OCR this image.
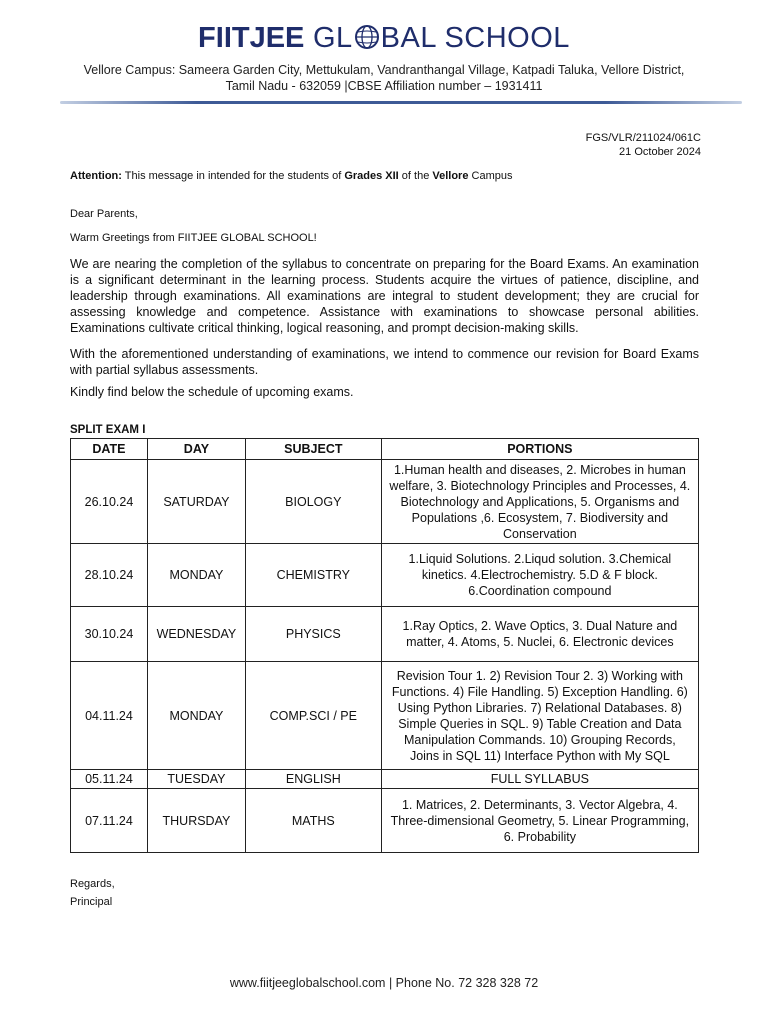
FIITJEE GL BAL SCHOOL
Vellore Campus: Sameera Garden City, Mettukulam, Vandranthangal Village, Katpadi Taluka, Vellore District,
Tamil Nadu - 632059 |CBSE Affiliation number – 1931411
FGS/VLR/211024/061C
21 October 2024
Attention: This message in intended for the students of Grades XII of the Vellore Campus
Dear Parents,
Warm Greetings from FIITJEE GLOBAL SCHOOL!

We are nearing the completion of the syllabus to concentrate on preparing for the Board Exams. An examination is a significant determinant in the learning process. Students acquire the virtues of patience, discipline, and leadership through examinations. All examinations are integral to student development; they are crucial for assessing knowledge and competence. Assistance with examinations to showcase personal abilities. Examinations cultivate critical thinking, logical reasoning, and prompt decision-making skills.

With the aforementioned understanding of examinations, we intend to commence our revision for Board Exams with partial syllabus assessments.

Kindly find below the schedule of upcoming exams.

SPLIT EXAM I
DATE	DAY	SUBJECT	PORTIONS
26.10.24	SATURDAY	BIOLOGY	1.Human health and diseases, 2. Microbes in human welfare, 3. Biotechnology Principles and Processes, 4. Biotechnology and Applications, 5. Organisms and Populations ,6. Ecosystem, 7. Biodiversity and Conservation
28.10.24	MONDAY	CHEMISTRY	1.Liquid Solutions. 2.Liqud solution. 3.Chemical kinetics. 4.Electrochemistry. 5.D & F block. 6.Coordination compound
30.10.24	WEDNESDAY	PHYSICS	1.Ray Optics, 2. Wave Optics, 3. Dual Nature and matter, 4. Atoms, 5. Nuclei, 6. Electronic devices
04.11.24	MONDAY	COMP.SCI / PE	Revision Tour 1. 2) Revision Tour 2. 3) Working with Functions. 4) File Handling. 5) Exception Handling. 6) Using Python Libraries. 7) Relational Databases. 8) Simple Queries in SQL. 9) Table Creation and Data Manipulation Commands. 10) Grouping Records, Joins in SQL 11) Interface Python with My SQL
05.11.24	TUESDAY	ENGLISH	FULL SYLLABUS
07.11.24	THURSDAY	MATHS	1. Matrices, 2. Determinants, 3. Vector Algebra, 4. Three-dimensional Geometry, 5. Linear Programming, 6. Probability
Regards,
Principal
www.fiitjeeglobalschool.com | Phone No. 72 328 328 72
